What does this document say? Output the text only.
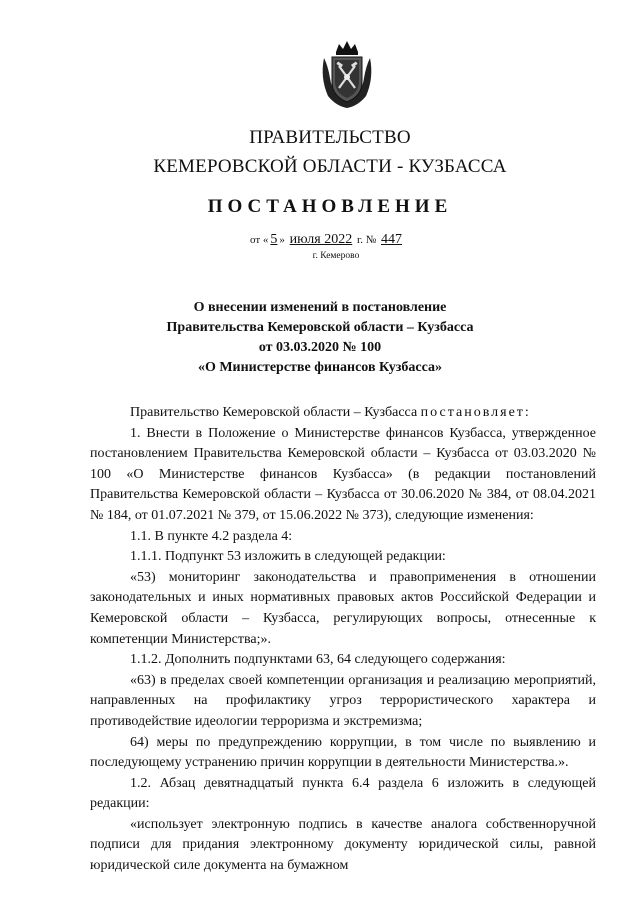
ПРАВИТЕЛЬСТВО
КЕМЕРОВСКОЙ ОБЛАСТИ - КУЗБАССА
ПОСТАНОВЛЕНИЕ
от « 5 » июля 2022 г. № 447
г. Кемерово
О внесении изменений в постановление
Правительства Кемеровской области – Кузбасса
от 03.03.2020 № 100
«О Министерстве финансов Кузбасса»

Правительство Кемеровской области – Кузбасса постановляет:

1. Внести в Положение о Министерстве финансов Кузбасса, утвержденное постановлением Правительства Кемеровской области – Кузбасса от 03.03.2020 № 100 «О Министерстве финансов Кузбасса» (в редакции постановлений Правительства Кемеровской области – Кузбасса от 30.06.2020 № 384, от 08.04.2021 № 184, от 01.07.2021 № 379, от 15.06.2022 № 373), следующие изменения:

1.1. В пункте 4.2 раздела 4:

1.1.1. Подпункт 53 изложить в следующей редакции:

«53) мониторинг законодательства и правоприменения в отношении законодательных и иных нормативных правовых актов Российской Федерации и Кемеровской области – Кузбасса, регулирующих вопросы, отнесенные к компетенции Министерства;».

1.1.2. Дополнить подпунктами 63, 64 следующего содержания:

«63) в пределах своей компетенции организация и реализацию мероприятий, направленных на профилактику угроз террористического характера и противодействие идеологии терроризма и экстремизма;

64) меры по предупреждению коррупции, в том числе по выявлению и последующему устранению причин коррупции в деятельности Министерства.».

1.2. Абзац девятнадцатый пункта 6.4 раздела 6 изложить в следующей редакции:

«использует электронную подпись в качестве аналога собственноручной подписи для придания электронному документу юридической силы, равной юридической силе документа на бумажном
